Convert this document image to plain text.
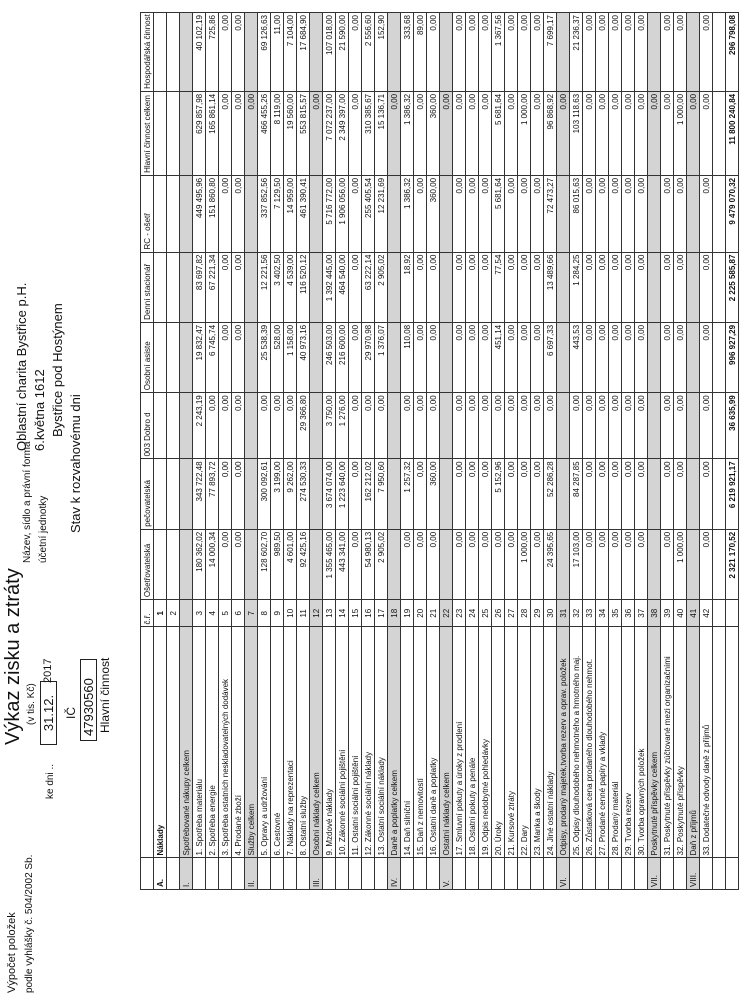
Výpočet položek podle vyhlášky č. 504/2002 Sb.
Výkaz zisku a ztráty (v tis. Kč)
ke dni ..
31.12.
2017
IČ 47930560 Hlavní činnost
Název, sídlo a právní forma účetní jednotky
Oblastní charita Bystřice p.H. 6.května 1612 Bystřice pod Hostýnem
Stav k rozvahovému dni
		č.ř.	Ošetřovatelská	pečovatelská	003 Dobro d	Osobní asiste	Denní stacionář	RC - ošetř	Hlavní činnost celkem	Hospodářská činnost
A.	Náklady	1								
		2								
I.	Spotřebované nákupy celkem									
	1. Spotřeba materiálu	3	180 362,02	343 722,48	2 243,19	19 832,47	83 697,82	449 495,96	629 857,98	40 102,19
	2. Spotřeba energie	4	14 000,34	77 893,72	0,00	6 745,74	67 221,34	151 860,80	165 861,14	725,86
	3. Spotřeba ostatních neskladovatelných dodávek	5	0,00	0,00	0,00	0,00	0,00	0,00	0,00	0,00
	4. Prodané zboží	6	0,00	0,00	0,00	0,00	0,00	0,00	0,00	0,00
II.	Služby celkem	7							0,00	
	5. Opravy a udržování	8	128 602,70	300 092,61	0,00	25 538,39	12 221,56	337 852,56	466 455,26	69 126,63
	6. Cestovné	9	989,50	3 199,00	0,00	528,00	3 402,50	7 129,50	8 119,00	11,00
	7. Náklady na reprezentaci	10	4 601,00	9 262,00	0,00	1 158,00	4 539,00	14 959,00	19 560,00	7 104,00
	8. Ostatní služby	11	92 425,16	274 530,33	29 366,80	40 973,16	116 520,12	461 390,41	553 815,57	17 684,90
III.	Osobní náklady celkem	12							0,00	
	9. Mzdové náklady	13	1 355 465,00	3 674 074,00	3 750,00	246 503,00	1 392 445,00	5 716 772,00	7 072 237,00	107 018,00
	10. Zákonné sociální pojištění	14	443 341,00	1 223 640,00	1 276,00	216 600,00	464 540,00	1 906 056,00	2 349 397,00	21 590,00
	11. Ostatní sociální pojištění	15	0,00	0,00	0,00	0,00	0,00	0,00	0,00	0,00
	12. Zákonné sociální náklady	16	54 980,13	162 212,02	0,00	29 970,98	63 222,14	255 405,54	310 385,67	2 556,60
	13. Ostatní sociální náklady	17	2 905,02	7 950,60	0,00	1 376,07	2 905,02	12 231,69	15 136,71	152,90
IV.	Daně a poplatky celkem	18							0,00	
	14. Daň silniční	19	0,00	1 257,32	0,00	110,08	18,92	1 386,32	1 386,32	333,68
	15. Daň z nemovitostí	20	0,00	0,00	0,00	0,00	0,00	0,00	0,00	89,00
	16. Ostatní daně a poplatky	21	0,00	360,00	0,00	0,00	0,00	360,00	360,00	0,00
V.	Ostatní náklady celkem	22							0,00	
	17. Smluvní pokuty a úroky z prodlení	23	0,00	0,00	0,00	0,00	0,00	0,00	0,00	0,00
	18. Ostatní pokuty a penále	24	0,00	0,00	0,00	0,00	0,00	0,00	0,00	0,00
	19. Odpis nedobytné pohledávky	25	0,00	0,00	0,00	0,00	0,00	0,00	0,00	0,00
	20. Úroky	26	0,00	5 152,96	0,00	451,14	77,54	5 681,64	5 681,64	1 367,56
	21. Kursové ztráty	27	0,00	0,00	0,00	0,00	0,00	0,00	0,00	0,00
	22. Dary	28	1 000,00	0,00	0,00	0,00	0,00	0,00	1 000,00	0,00
	23. Manka a škody	29	0,00	0,00	0,00	0,00	0,00	0,00	0,00	0,00
	24. Jiné ostatní náklady	30	24 395,65	52 286,28	0,00	6 697,33	13 489,66	72 473,27	96 868,92	7 699,17
VI.	Odpisy, prodaný majetek,tvorba rezerv a oprav. položek	31							0,00	
	25. Odpisy dlouhodobého nehmotného a hmotného maj.	32	17 103,00	84 287,85	0,00	443,53	1 284,25	86 015,63	103 118,63	21 236,37
	26. Zůstatková cena prodaného dlouhodobého nehmot.	33	0,00	0,00	0,00	0,00	0,00	0,00	0,00	0,00
	27. Prodané cenné papíry a vklady	34	0,00	0,00	0,00	0,00	0,00	0,00	0,00	0,00
	28. Prodaný materiál	35	0,00	0,00	0,00	0,00	0,00	0,00	0,00	0,00
	29. Tvorba rezerv	36	0,00	0,00	0,00	0,00	0,00	0,00	0,00	0,00
	30. Tvorba opravných položek	37	0,00	0,00	0,00	0,00	0,00	0,00	0,00	0,00
VII.	Poskytnuté příspěvky celkem	38							0,00	
	31. Poskytnuté příspěvky zúčtované mezi organizačními	39	0,00	0,00	0,00	0,00	0,00	0,00	0,00	0,00
	32. Poskytnuté příspěvky	40	1 000,00	0,00	0,00	0,00	0,00	0,00	1 000,00	0,00
VIII.	Daň z příjmů	41							0,00	
	33. Dodatečné odvody daně z příjmů	42	0,00	0,00	0,00	0,00	0,00	0,00	0,00	0,00

			2 321 170,52	6 219 921,17	36 635,99	996 927,29	2 225 585,87	9 479 070,32	11 800 240,84	296 798,08
